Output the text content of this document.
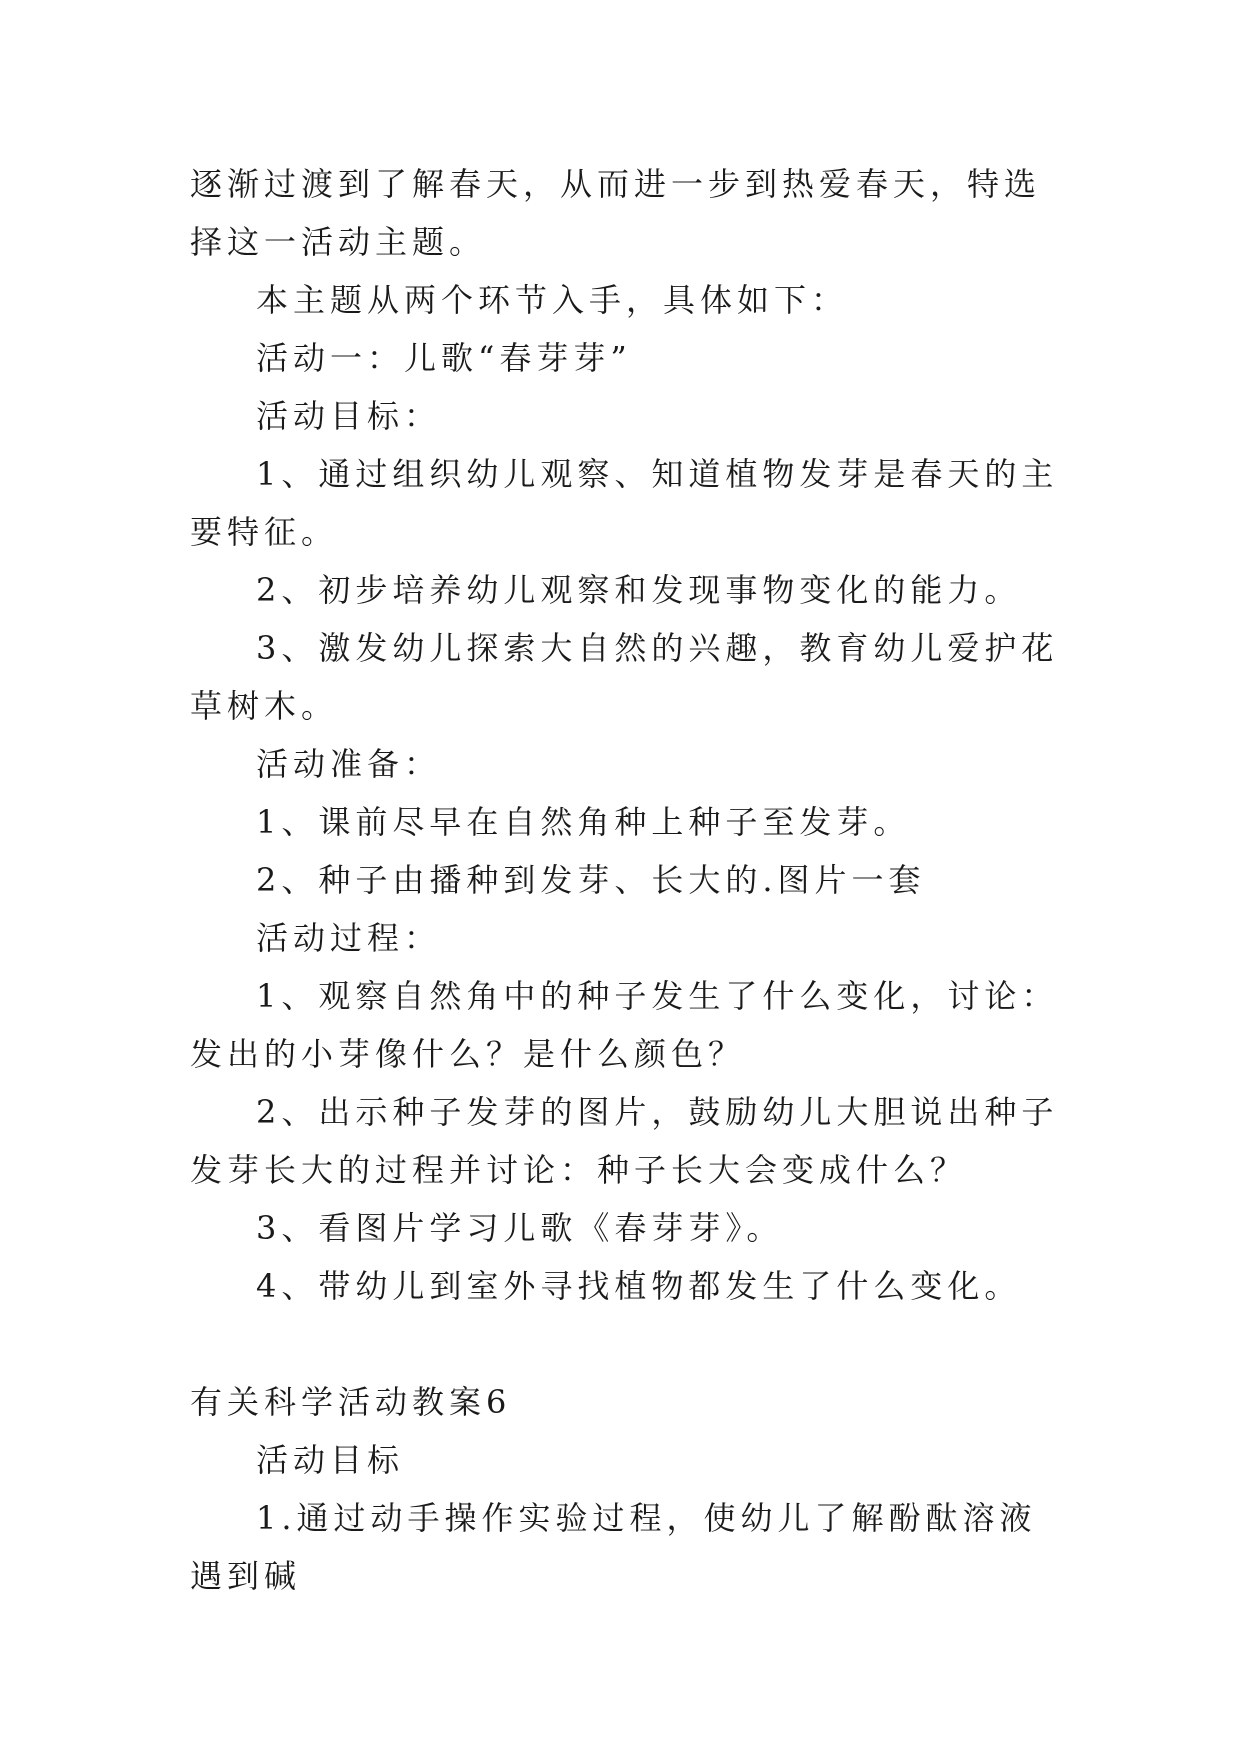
逐渐过渡到了解春天，从而进一步到热爱春天，特选择这一活动主题。

本主题从两个环节入手，具体如下：

活动一：儿歌“春芽芽”

活动目标：

1、通过组织幼儿观察、知道植物发芽是春天的主要特征。

2、初步培养幼儿观察和发现事物变化的能力。

3、激发幼儿探索大自然的兴趣，教育幼儿爱护花草树木。

活动准备：

1、课前尽早在自然角种上种子至发芽。

2、种子由播种到发芽、长大的.图片一套

活动过程：

1、观察自然角中的种子发生了什么变化，讨论：发出的小芽像什么？是什么颜色？

2、出示种子发芽的图片，鼓励幼儿大胆说出种子发芽长大的过程并讨论：种子长大会变成什么？

3、看图片学习儿歌《春芽芽》。

4、带幼儿到室外寻找植物都发生了什么变化。

有关科学活动教案6

活动目标

1.通过动手操作实验过程，使幼儿了解酚酞溶液遇到碱
